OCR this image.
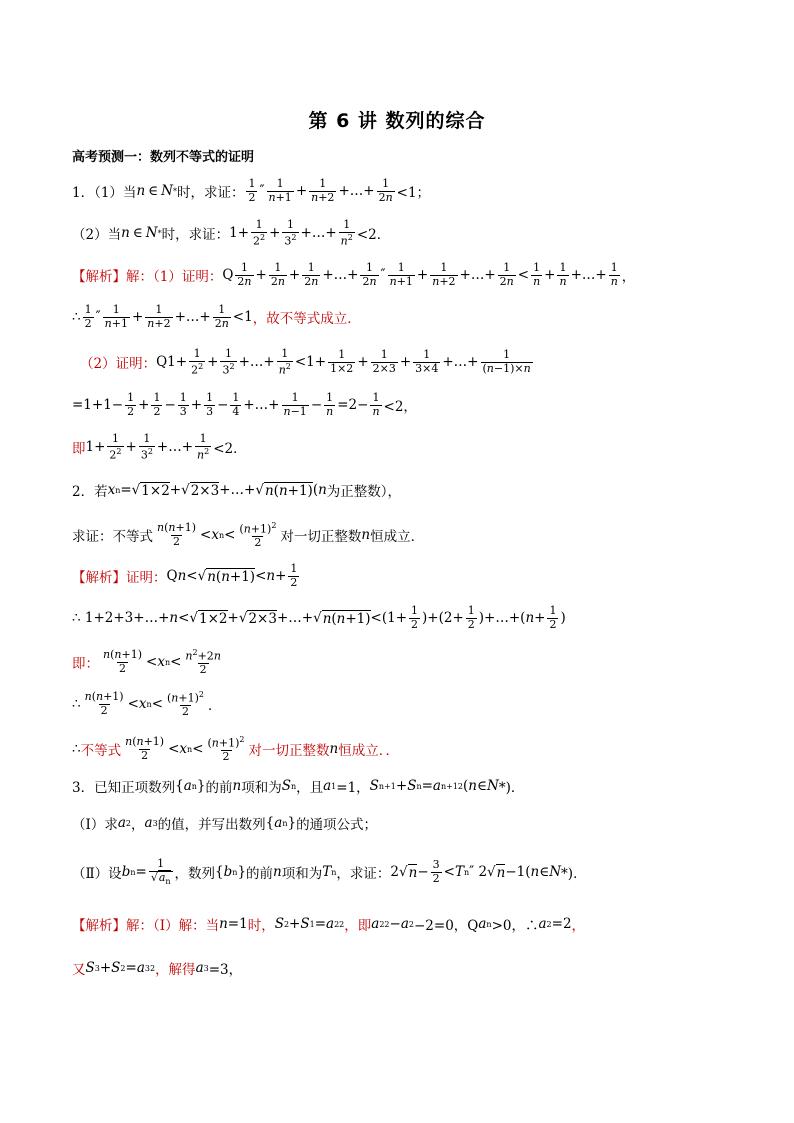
第 6 讲 数列的综合
高考预测一：数列不等式的证明
1．（1）当 n ∈ N * 时，求证： $\frac{1}{2}$ ″ $\frac{1}{n+1} + \frac{1}{n+2}$ +…+ $\frac{1}{2n} <1$；
（2）当 n ∈ N * 时，求证： $1+ \frac{1}{2^2} + \frac{1}{3^2}$ +…+ $\frac{1}{n^2} <2$．
【解析】 解：（1）证明： Q $\frac{1}{2n} + \frac{1}{2n} + \frac{1}{2n}$ +…+ $\frac{1}{2n}$ ″ $\frac{1}{n+1} + \frac{1}{n+2}$ +…+ $\frac{1}{2n} < \frac{1}{n} + \frac{1}{n}$ +…+ $\frac{1}{n}$ ，
∴ $\frac{1}{2}$ ″ $\frac{1}{n+1} + \frac{1}{n+2}$ +…+ $\frac{1}{2n} <1$ ，故不等式成立．
（2）证明： $Q1+ \frac{1}{2^2} + \frac{1}{3^2}$ +…+ $\frac{1}{n^2} <1+ \frac{1}{1\times 2} + \frac{1}{2\times 3} + \frac{1}{3\times 4}$ +…+ $\frac{1}{(n-1)\times n}$
$=1+1- \frac{1}{2} + \frac{1}{2} - \frac{1}{3} + \frac{1}{3} - \frac{1}{4}$ +…+ $\frac{1}{n-1} - \frac{1}{n} =2- \frac{1}{n} <2$，
即 $1+ \frac{1}{2^2} + \frac{1}{3^2}$ +…+ $\frac{1}{n^2} <2$．
2．若 x n =√ 1×2 +√ 2×3 +…+√ n(n+1) ( n 为正整数），
求证：不等式 $\frac{n(n+1)}{2} < x$ $n < \frac{(n+1)^2}{2}$ 对一切正整数 n 恒成立．
【解析】 证明： Q n <√ $n(n+1) < n + \frac{1}{2}$
∴ 1+2+3+…+ n <√ 1×2 +√ 2×3 +…+√ $n(n+1) <(1+ \frac{1}{2} )+(2+ \frac{1}{2}$ )+…+( $n + \frac{1}{2}$ )
即： $\frac{n(n+1)}{2} < x$ $n < \frac{n^2+2n}{2}$
∴ $\frac{n(n+1)}{2} < x$ $n < \frac{(n+1)^2}{2}$ ．
∴ 不等式 $\frac{n(n+1)}{2} < x$ $n < \frac{(n+1)^2}{2}$ 对一切正整数 n 恒成立．．
3．已知正项数列 { a n } 的前 n 项和为 S n ，且 a 1 =1， S n+1 + S n = a n+1 2 ( n ∈ N *)．
（Ⅰ）求 a 2 ， a 3 的值，并写出数列 { a n } 的通项公式；
（Ⅱ）设 b $n = \frac{1}{√a_n}$ ，数列 { b n } 的前 n 项和为 T n ，求证： 2√ $n - \frac{3}{2} < T$ n ″ 2√ n −1( n ∈ N *)．
【解析】 解：（Ⅰ）解：当 n =1 时， S 2 + S 1 = a 2 2 ，即 a 2 2 − a 2 −2=0，Q a n >0，∴ a 2 =2 ，
又 S 3 + S 2 = a 3 2 ，解得 a 3 =3，
